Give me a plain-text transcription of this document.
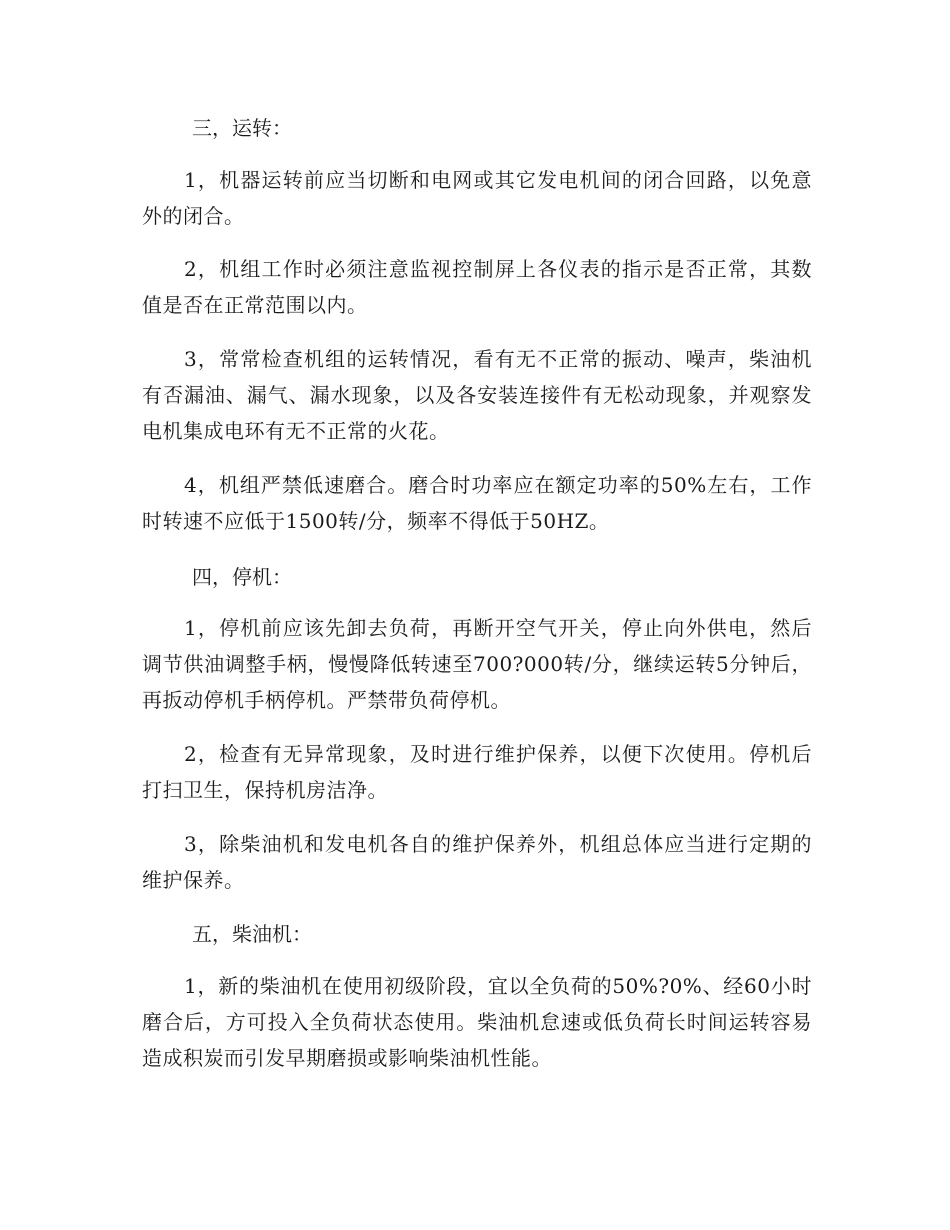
三，运转：
1，机器运转前应当切断和电网或其它发电机间的闭合回路，以免意外的闭合。
2，机组工作时必须注意监视控制屏上各仪表的指示是否正常，其数值是否在正常范围以内。
3，常常检查机组的运转情况，看有无不正常的振动、噪声，柴油机有否漏油、漏气、漏水现象，以及各安装连接件有无松动现象，并观察发电机集成电环有无不正常的火花。
4，机组严禁低速磨合。磨合时功率应在额定功率的50%左右，工作时转速不应低于1500转/分，频率不得低于50HZ。
四，停机：
1，停机前应该先卸去负荷，再断开空气开关，停止向外供电，然后调节供油调整手柄，慢慢降低转速至700?000转/分，继续运转5分钟后，再扳动停机手柄停机。严禁带负荷停机。
2，检查有无异常现象，及时进行维护保养，以便下次使用。停机后打扫卫生，保持机房洁净。
3，除柴油机和发电机各自的维护保养外，机组总体应当进行定期的维护保养。
五，柴油机：
1，新的柴油机在使用初级阶段，宜以全负荷的50%?0%、经60小时磨合后，方可投入全负荷状态使用。柴油机怠速或低负荷长时间运转容易造成积炭而引发早期磨损或影响柴油机性能。
